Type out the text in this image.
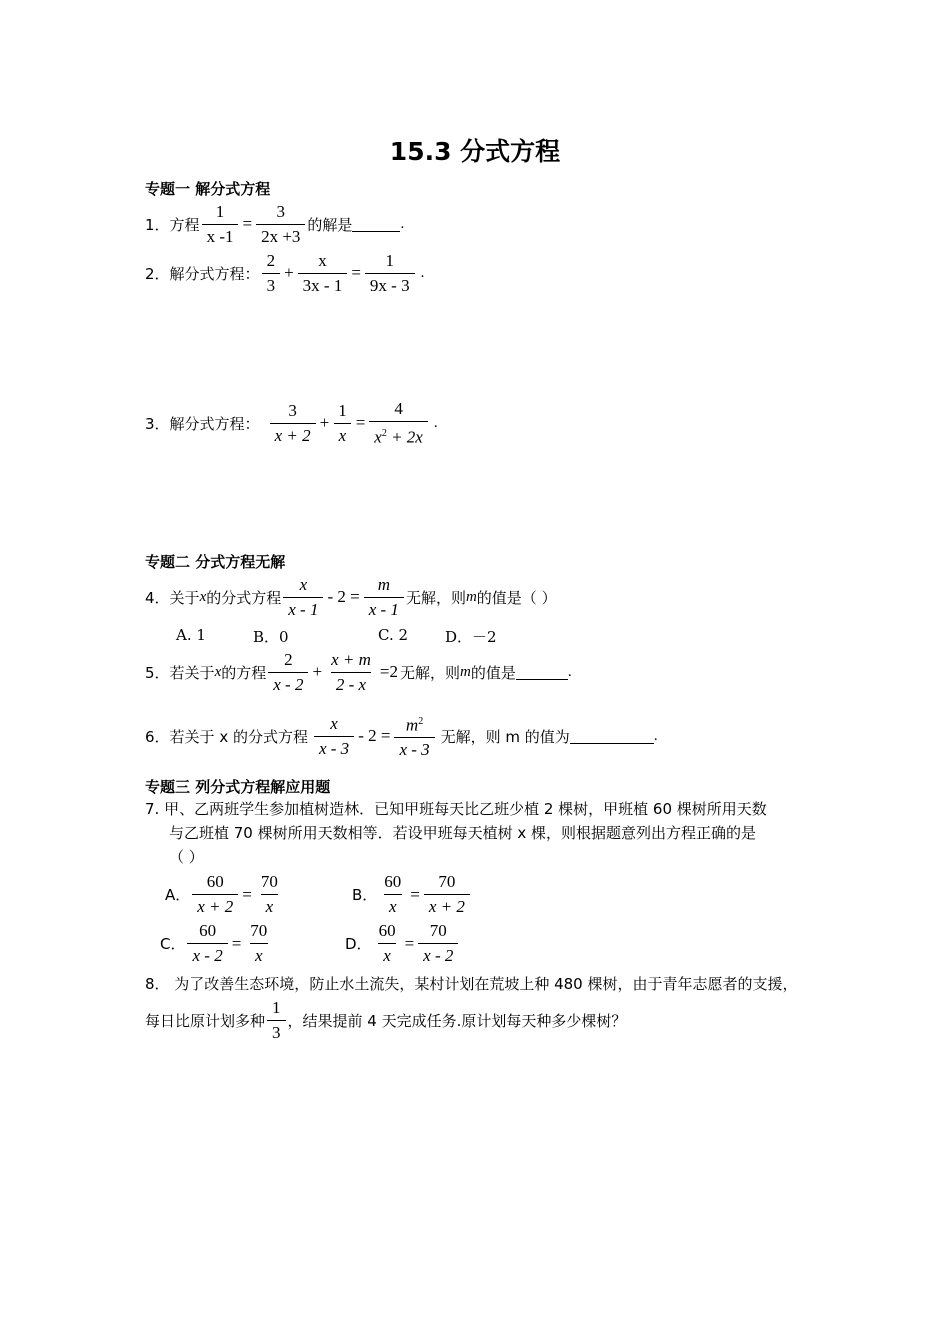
15.3 分式方程
专题一 解分式方程
1． 方程 $\frac{1}{x -1} = \frac{3}{2x +3}$ 的解是	.
2． 解分式方程： $\frac{2}{3} + \frac{x}{3x - 1} = \frac{1}{9x - 3}$ .
3． 解分式方程： $\frac{3}{x + 2} + \frac{1}{x} = \frac{4}{x^2 + 2x}$ .
专题二 分式方程无解
4． 关于 x 的分式方程 $\frac{x}{x - 1} - 2 = \frac{m}{x - 1}$ 无解，则 m 的值是（ ）
A. 1	B．0	C. 2 D．－2
5． 若关于 x 的方程 $\frac{2}{x - 2} + \frac{x + m}{2 - x} =2$ 无解，则 m 的值是	.
6． 若关于 x 的分式方程 $\frac{x}{x - 3} - 2 = \frac{m^2}{x - 3}$ 无解，则 m 的值为	.
专题三 列分式方程解应用题
7. 甲、乙两班学生参加植树造林．已知甲班每天比乙班少植 2 棵树，甲班植 60 棵树所用天数
与乙班植 70 棵树所用天数相等．若设甲班每天植树 x 棵，则根据题意列出方程正确的是
（ ）
A． $\frac{60}{x + 2} = \frac{70}{x}$	B． $\frac{60}{x} = \frac{70}{x + 2}$
C． $\frac{60}{x - 2} = \frac{70}{x}$	D． $\frac{60}{x} = \frac{70}{x - 2}$
8． 为了改善生态环境，防止水土流失，某村计划在荒坡上种 480 棵树，由于青年志愿者的支援，
每日比原计划多种 $\frac{1}{3}$ ，结果提前 4 天完成任务.原计划每天种多少棵树？
